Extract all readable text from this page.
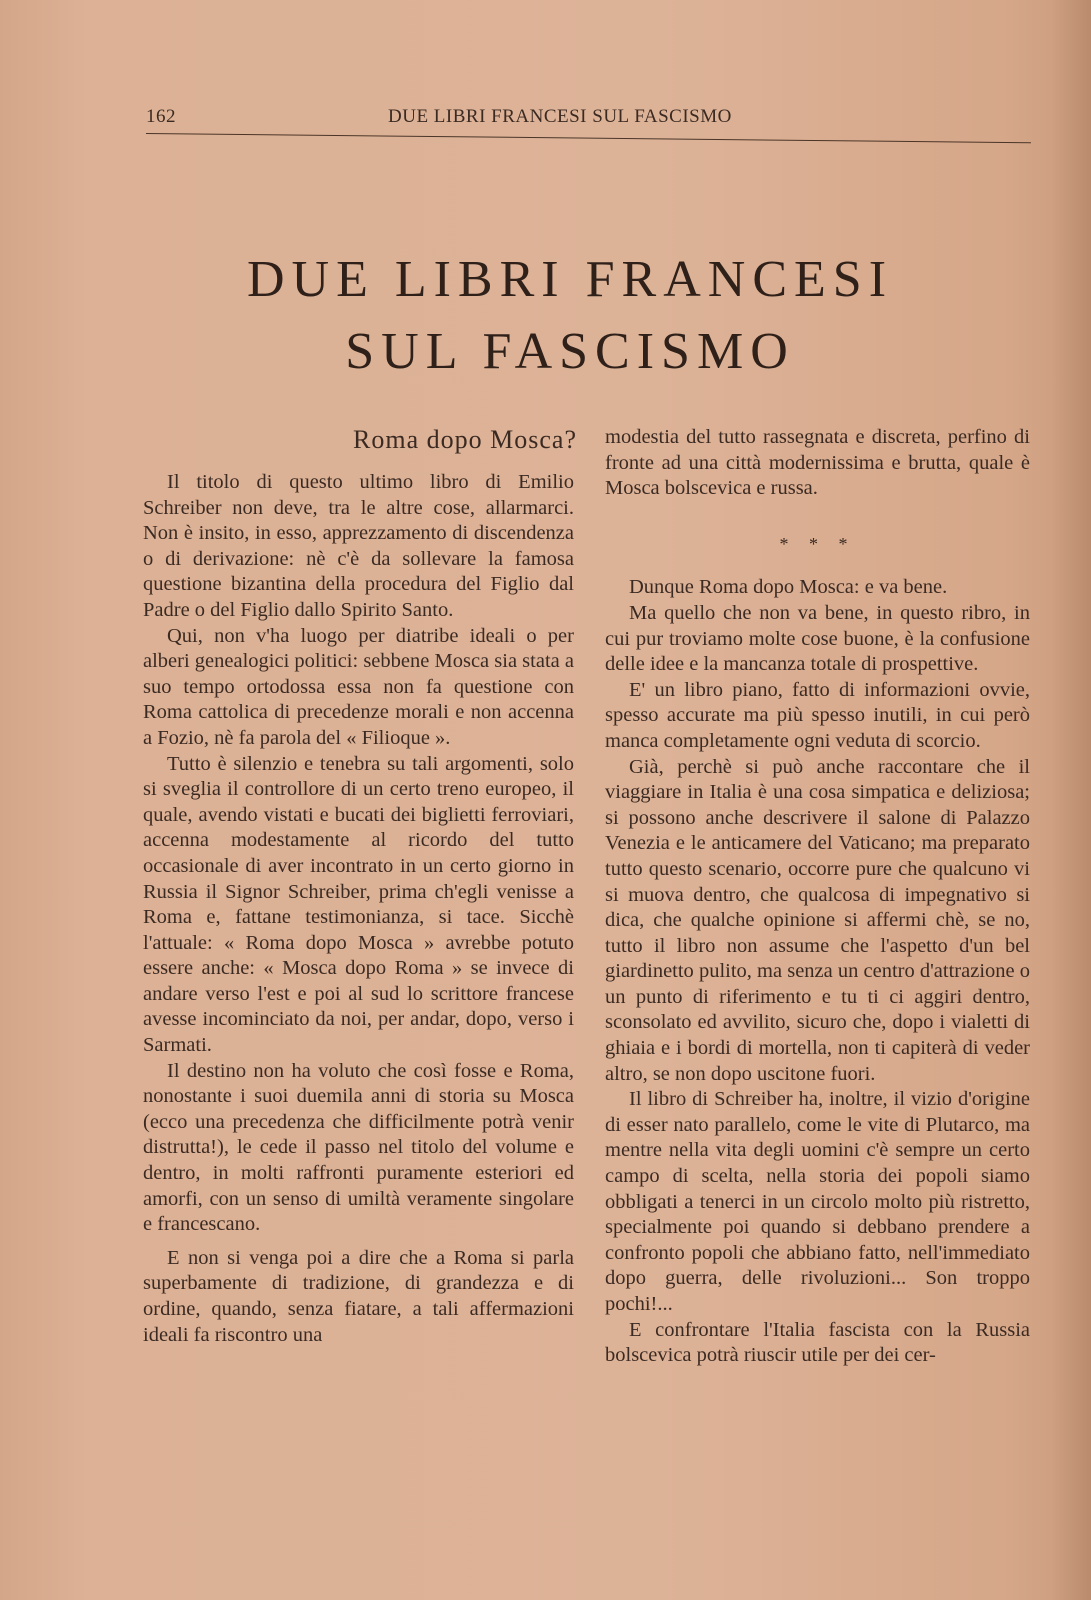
162	DUE LIBRI FRANCESI SUL FASCISMO
DUE LIBRI FRANCESI
SUL FASCISMO
Roma dopo Mosca?

Il titolo di questo ultimo libro di Emilio Schreiber non deve, tra le altre cose, allarmarci. Non è insito, in esso, apprezzamento di discendenza o di derivazione: nè c'è da sollevare la famosa questione bizantina della procedura del Figlio dal Padre o del Figlio dallo Spirito Santo.

Qui, non v'ha luogo per diatribe ideali o per alberi genealogici politici: sebbene Mosca sia stata a suo tempo ortodossa essa non fa questione con Roma cattolica di precedenze morali e non accenna a Fozio, nè fa parola del « Filioque ».

Tutto è silenzio e tenebra su tali argomenti, solo si sveglia il controllore di un certo treno europeo, il quale, avendo vistati e bucati dei biglietti ferroviari, accenna modestamente al ricordo del tutto occasionale di aver incontrato in un certo giorno in Russia il Signor Schreiber, prima ch'egli venisse a Roma e, fattane testimonianza, si tace. Sicchè l'attuale: « Roma dopo Mosca » avrebbe potuto essere anche: « Mosca dopo Roma » se invece di andare verso l'est e poi al sud lo scrittore francese avesse incominciato da noi, per andar, dopo, verso i Sarmati.

Il destino non ha voluto che così fosse e Roma, nonostante i suoi duemila anni di storia su Mosca (ecco una precedenza che difficilmente potrà venir distrutta!), le cede il passo nel titolo del volume e dentro, in molti raffronti puramente esteriori ed amorfi, con un senso di umiltà veramente singolare e francescano.

E non si venga poi a dire che a Roma si parla superbamente di tradizione, di grandezza e di ordine, quando, senza fiatare, a tali affermazioni ideali fa riscontro una

modestia del tutto rassegnata e discreta, perfino di fronte ad una città modernissima e brutta, quale è Mosca bolscevica e russa.

* * *

Dunque Roma dopo Mosca: e va bene.

Ma quello che non va bene, in questo ribro, in cui pur troviamo molte cose buone, è la confusione delle idee e la mancanza totale di prospettive.

E' un libro piano, fatto di informazioni ovvie, spesso accurate ma più spesso inutili, in cui però manca completamente ogni veduta di scorcio.

Già, perchè si può anche raccontare che il viaggiare in Italia è una cosa simpatica e deliziosa; si possono anche descrivere il salone di Palazzo Venezia e le anticamere del Vaticano; ma preparato tutto questo scenario, occorre pure che qualcuno vi si muova dentro, che qualcosa di impegnativo si dica, che qualche opinione si affermi chè, se no, tutto il libro non assume che l'aspetto d'un bel giardinetto pulito, ma senza un centro d'attrazione o un punto di riferimento e tu ti ci aggiri dentro, sconsolato ed avvilito, sicuro che, dopo i vialetti di ghiaia e i bordi di mortella, non ti capiterà di veder altro, se non dopo uscitone fuori.

Il libro di Schreiber ha, inoltre, il vizio d'origine di esser nato parallelo, come le vite di Plutarco, ma mentre nella vita degli uomini c'è sempre un certo campo di scelta, nella storia dei popoli siamo obbligati a tenerci in un circolo molto più ristretto, specialmente poi quando si debbano prendere a confronto popoli che abbiano fatto, nell'immediato dopo guerra, delle rivoluzioni... Son troppo pochi!...

E confrontare l'Italia fascista con la Russia bolscevica potrà riuscir utile per dei cer-
